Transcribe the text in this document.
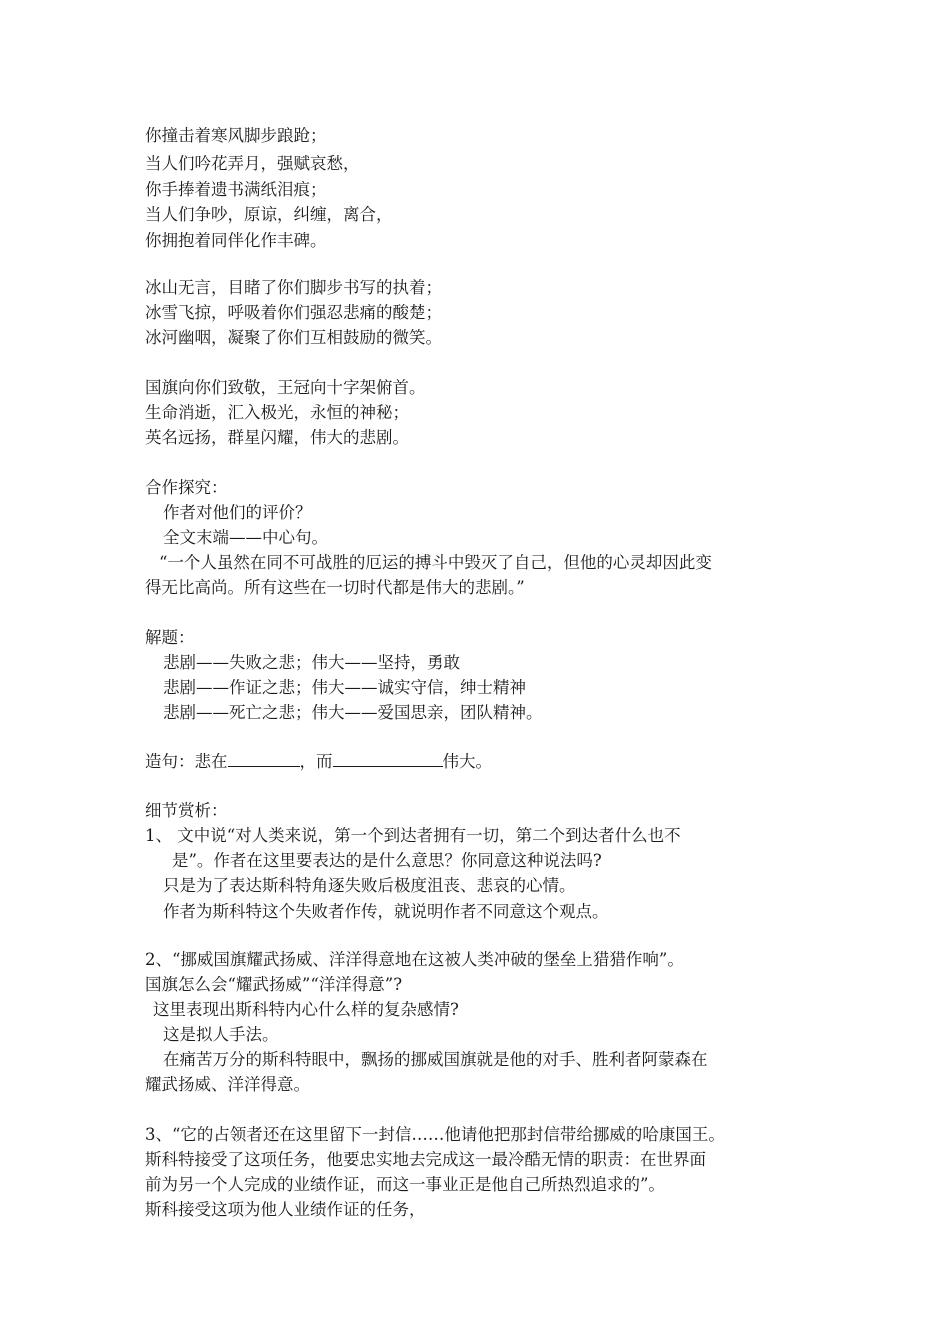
你撞击着寒风脚步踉跄；
当人们吟花弄月，强赋哀愁，
你手捧着遗书满纸泪痕；
当人们争吵，原谅，纠缠，离合，
你拥抱着同伴化作丰碑。
冰山无言，目睹了你们脚步书写的执着；
冰雪飞掠，呼吸着你们强忍悲痛的酸楚；
冰河幽咽，凝聚了你们互相鼓励的微笑。
国旗向你们致敬，王冠向十字架俯首。
生命消逝，汇入极光，永恒的神秘；
英名远扬，群星闪耀，伟大的悲剧。
合作探究：
作者对他们的评价？
全文末端——中心句。
“一个人虽然在同不可战胜的厄运的搏斗中毁灭了自己，但他的心灵却因此变
得无比高尚。所有这些在一切时代都是伟大的悲剧。”
解题：
悲剧——失败之悲；伟大——坚持，勇敢
悲剧——作证之悲；伟大——诚实守信，绅士精神
悲剧——死亡之悲；伟大——爱国思亲，团队精神。
造句：悲在	，而	伟大。
细节赏析：
1、 文中说“对人类来说，第一个到达者拥有一切，第二个到达者什么也不
是”。作者在这里要表达的是什么意思？你同意这种说法吗?
只是为了表达斯科特角逐失败后极度沮丧、悲哀的心情。
作者为斯科特这个失败者作传，就说明作者不同意这个观点。
2、“挪威国旗耀武扬威、洋洋得意地在这被人类冲破的堡垒上猎猎作响”。
国旗怎么会“耀武扬威”“洋洋得意”?
这里表现出斯科特内心什么样的复杂感情?
这是拟人手法。
在痛苦万分的斯科特眼中，飘扬的挪威国旗就是他的对手、胜利者阿蒙森在
耀武扬威、洋洋得意。
3、“它的占领者还在这里留下一封信……他请他把那封信带给挪威的哈康国王。
斯科特接受了这项任务，他要忠实地去完成这一最冷酷无情的职责：在世界面
前为另一个人完成的业绩作证，而这一事业正是他自己所热烈追求的”。
斯科接受这项为他人业绩作证的任务，
